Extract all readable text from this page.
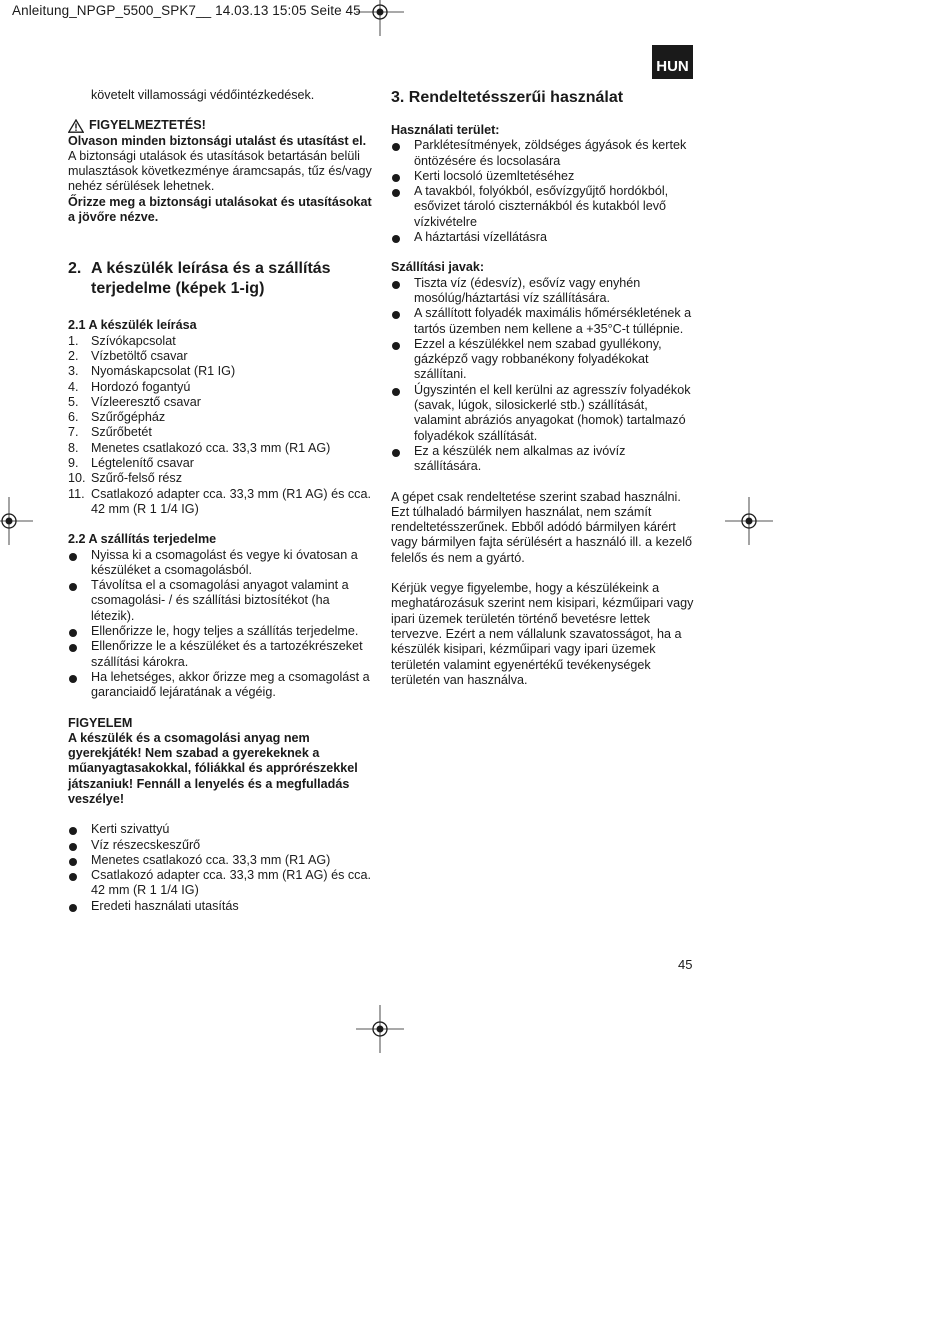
Anleitung_NPGP_5500_SPK7__ 14.03.13 15:05 Seite 45
HUN

követelt villamossági védőintézkedések.

FIGYELMEZTETÉS!

Olvason minden biztonsági utalást és utasítást el.

A biztonsági utalások és utasítások betartásán belüli mulasztások következménye áramcsapás, tűz és/vagy nehéz sérülések lehetnek.

Őrizze meg a biztonsági utalásokat és utasításokat a jövőre nézve.

2. A készülék leírása és a szállítás terjedelme (képek 1-ig)

2.1 A készülék leírása

1. Szívókapcsolat
2. Vízbetöltő csavar
3. Nyomáskapcsolat (R1 IG)
4. Hordozó fogantyú
5. Vízleeresztő csavar
6. Szűrőgépház
7. Szűrőbetét
8. Menetes csatlakozó cca. 33,3 mm (R1 AG)
9. Légtelenítő csavar
10. Szűrő-felső rész
11. Csatlakozó adapter cca. 33,3 mm (R1 AG) és cca. 42 mm (R 1 1/4 IG)

2.2 A szállítás terjedelme

Nyissa ki a csomagolást és vegye ki óvatosan a készüléket a csomagolásból.
Távolítsa el a csomagolási anyagot valamint a csomagolási- / és szállítási biztosítékot (ha létezik).
Ellenőrizze le, hogy teljes a szállítás terjedelme.
Ellenőrizze le a készüléket és a tartozékrészeket szállítási károkra.
Ha lehetséges, akkor őrizze meg a csomagolást a garanciaidő lejáratának a végéig.

FIGYELEM

A készülék és a csomagolási anyag nem gyerekjáték! Nem szabad a gyerekeknek a műanyagtasakokkal, fóliákkal és apprórészekkel játszaniuk! Fennáll a lenyelés és a megfulladás veszélye!

Kerti szivattyú
Víz részecskeszűrő
Menetes csatlakozó cca. 33,3 mm (R1 AG)
Csatlakozó adapter cca. 33,3 mm (R1 AG) és cca. 42 mm (R 1 1/4 IG)
Eredeti használati utasítás

3. Rendeltetésszerűi használat

Használati terület:

Parklétesítmények, zöldséges ágyások és kertek öntözésére és locsolasára
Kerti locsoló üzemltetéséhez
A tavakból, folyókból, esővízgyűjtő hordókból, esővizet tároló ciszternákból és kutakból levő vízkivételre
A háztartási vízellátásra

Szállítási javak:

Tiszta víz (édesvíz), esővíz vagy enyhén mosólúg/háztartási víz szállítására.
A szállított folyadék maximális hőmérsékletének a tartós üzemben nem kellene a +35°C-t túllépnie.
Ezzel a készülékkel nem szabad gyullékony, gázképző vagy robbanékony folyadékokat szállítani.
Úgyszintén el kell kerülni az agresszív folyadékok (savak, lúgok, silosickerlé stb.) szállítását, valamint abráziós anyagokat (homok) tartalmazó folyadékok szállítását.
Ez a készülék nem alkalmas az ivóvíz szállítására.

A gépet csak rendeltetése szerint szabad használni. Ezt túlhaladó bármilyen használat, nem számít rendeltetésszerűnek. Ebből adódó bármilyen kárért vagy bármilyen fajta sérülésért a használó ill. a kezelő felelős és nem a gyártó.

Kérjük vegye figyelembe, hogy a készülékeink a meghatározásuk szerint nem kisipari, kézműipari vagy ipari üzemek területén történő bevetésre lettek tervezve. Ezért a nem vállalunk szavatosságot, ha a készülék kisipari, kézműipari vagy ipari üzemek területén valamint egyenértékű tevékenységek területén van használva.

45
